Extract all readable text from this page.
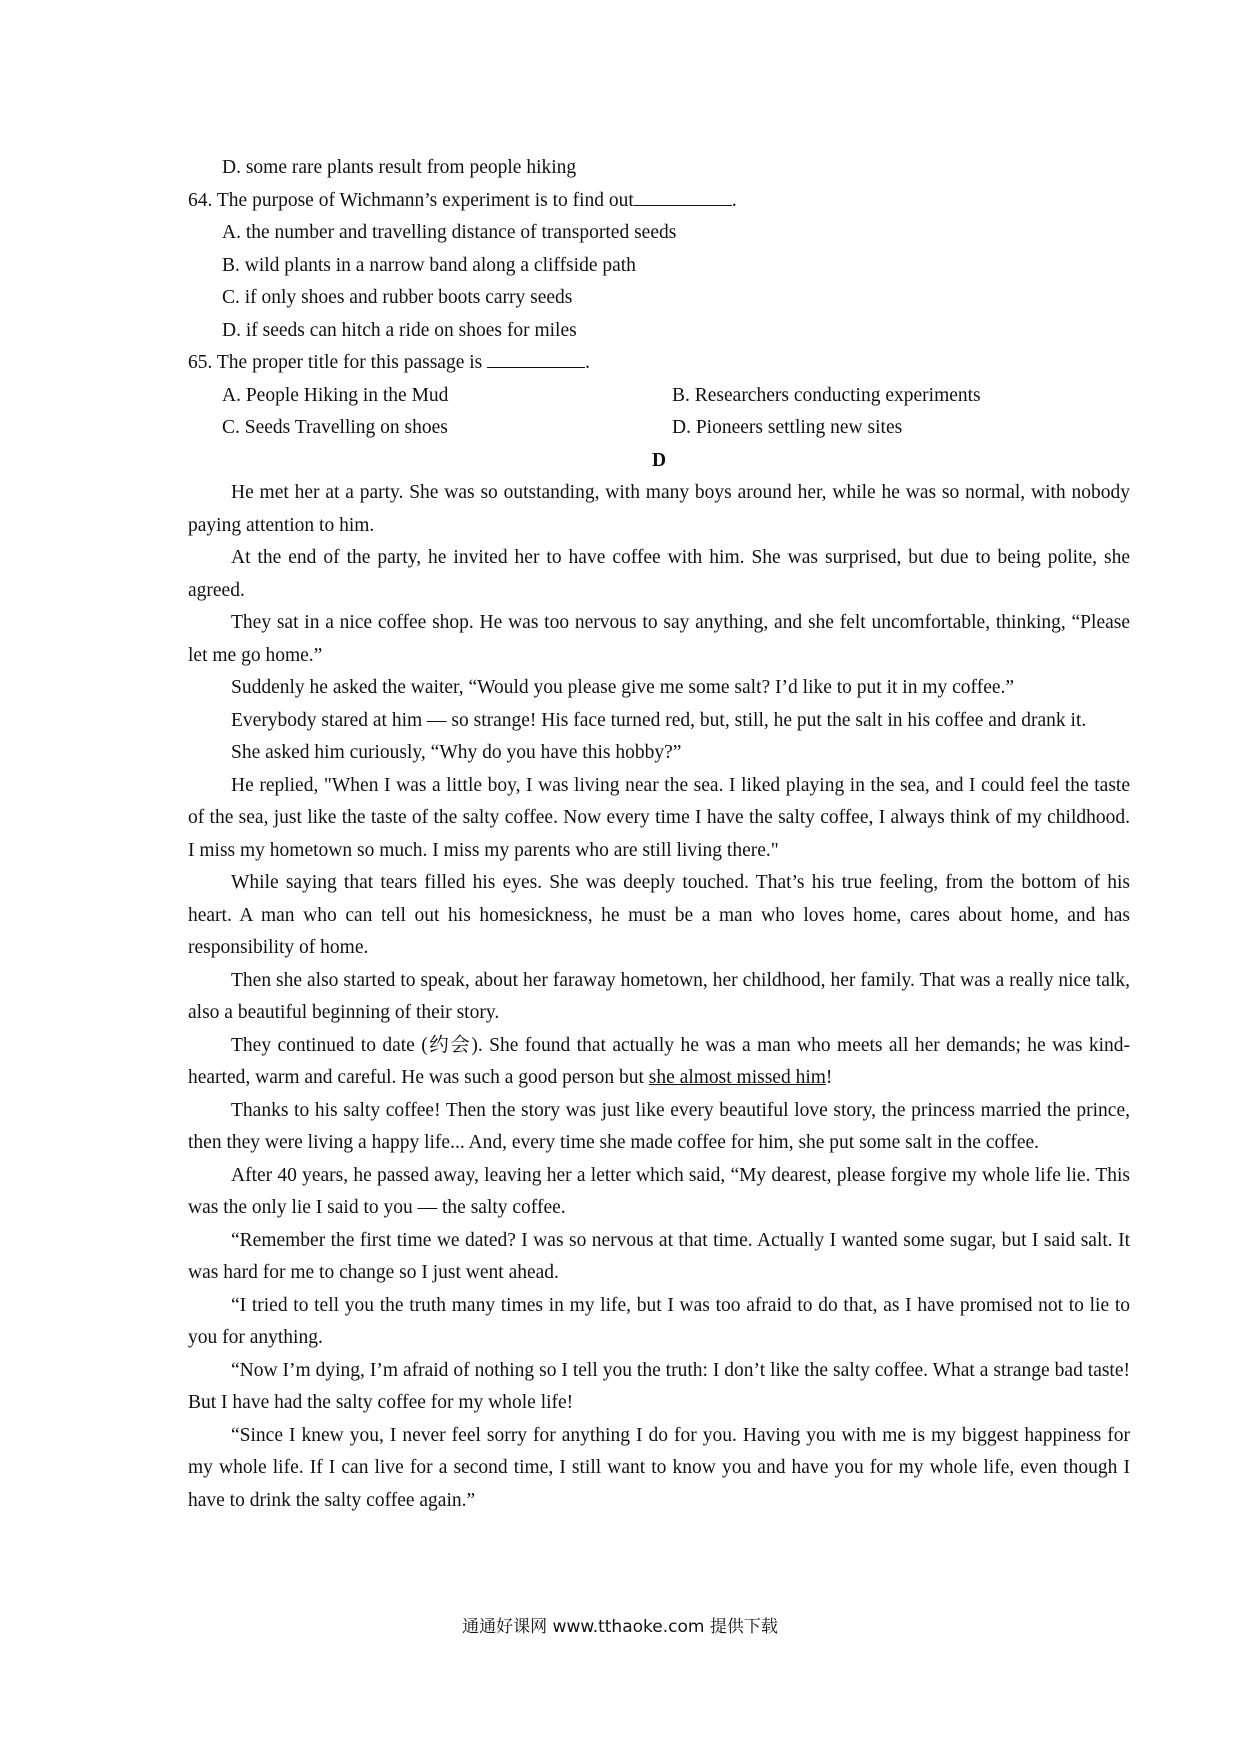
D. some rare plants result from people hiking
64. The purpose of Wichmann’s experiment is to find out	.
A. the number and travelling distance of transported seeds
B. wild plants in a narrow band along a cliffside path
C. if only shoes and rubber boots carry seeds
D. if seeds can hitch a ride on shoes for miles
65. The proper title for this passage is	.
A. People Hiking in the Mud	B. Researchers conducting experiments
C. Seeds Travelling on shoes	D. Pioneers settling new sites
D

He met her at a party. She was so outstanding, with many boys around her, while he was so normal, with nobody paying attention to him.

At the end of the party, he invited her to have coffee with him. She was surprised, but due to being polite, she agreed.

They sat in a nice coffee shop. He was too nervous to say anything, and she felt uncomfortable, thinking, “Please let me go home.”

Suddenly he asked the waiter, “Would you please give me some salt? I’d like to put it in my coffee.”

Everybody stared at him — so strange! His face turned red, but, still, he put the salt in his coffee and drank it.

She asked him curiously, “Why do you have this hobby?”

He replied, "When I was a little boy, I was living near the sea. I liked playing in the sea, and I could feel the taste of the sea, just like the taste of the salty coffee. Now every time I have the salty coffee, I always think of my childhood. I miss my hometown so much. I miss my parents who are still living there."

While saying that tears filled his eyes. She was deeply touched. That’s his true feeling, from the bottom of his heart. A man who can tell out his homesickness, he must be a man who loves home, cares about home, and has responsibility of home.

Then she also started to speak, about her faraway hometown, her childhood, her family. That was a really nice talk, also a beautiful beginning of their story.

They continued to date (约会). She found that actually he was a man who meets all her demands; he was kind-hearted, warm and careful. He was such a good person but she almost missed him!

Thanks to his salty coffee! Then the story was just like every beautiful love story, the princess married the prince, then they were living a happy life... And, every time she made coffee for him, she put some salt in the coffee.

After 40 years, he passed away, leaving her a letter which said, “My dearest, please forgive my whole life lie. This was the only lie I said to you — the salty coffee.

“Remember the first time we dated? I was so nervous at that time. Actually I wanted some sugar, but I said salt. It was hard for me to change so I just went ahead.

“I tried to tell you the truth many times in my life, but I was too afraid to do that, as I have promised not to lie to you for anything.

“Now I’m dying, I’m afraid of nothing so I tell you the truth: I don’t like the salty coffee. What a strange bad taste! But I have had the salty coffee for my whole life!

“Since I knew you, I never feel sorry for anything I do for you. Having you with me is my biggest happiness for my whole life. If I can live for a second time, I still want to know you and have you for my whole life, even though I have to drink the salty coffee again.”

通通好课网 www.tthaoke.com 提供下载
